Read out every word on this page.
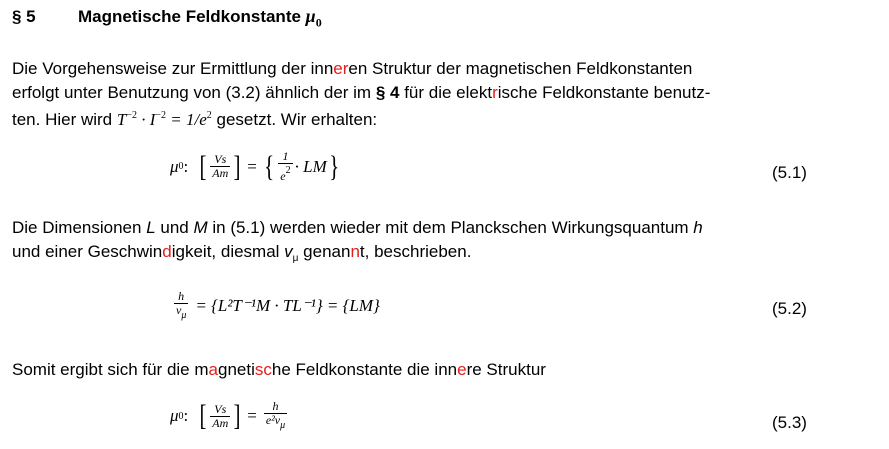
§ 5 Magnetische Feldkonstante $\mu_0$
Die Vorgehensweise zur Ermittlung der inneren Struktur der magnetischen Feldkonstanten
erfolgt unter Benutzung von (3.2) ähnlich der im § 4 für die elektrische Feldkonstante benutz-
ten. Hier wird $T^{-2} \cdot I^{-2} = 1/e^2$ gesetzt. Wir erhalten:
μ 0 : [ $\frac{Vs}{Am}$ ] = { $\frac{1}{e^2}$ · LM }	(5.1)
Die Dimensionen L und M in (5.1) werden wieder mit dem Planckschen Wirkungsquantum h
und einer Geschwindigkeit, diesmal $v_\mu$ genannt, beschrieben.
$\frac{h}{v_\mu} = \{L^2T^{-1}M \cdot TL^{-1}\} = \{LM\}$	(5.2)
Somit ergibt sich für die magnetische Feldkonstante die innere Struktur
μ 0 : [ $\frac{Vs}{Am}$ ] = $\frac{h}{e^2v_\mu}$	(5.3)
